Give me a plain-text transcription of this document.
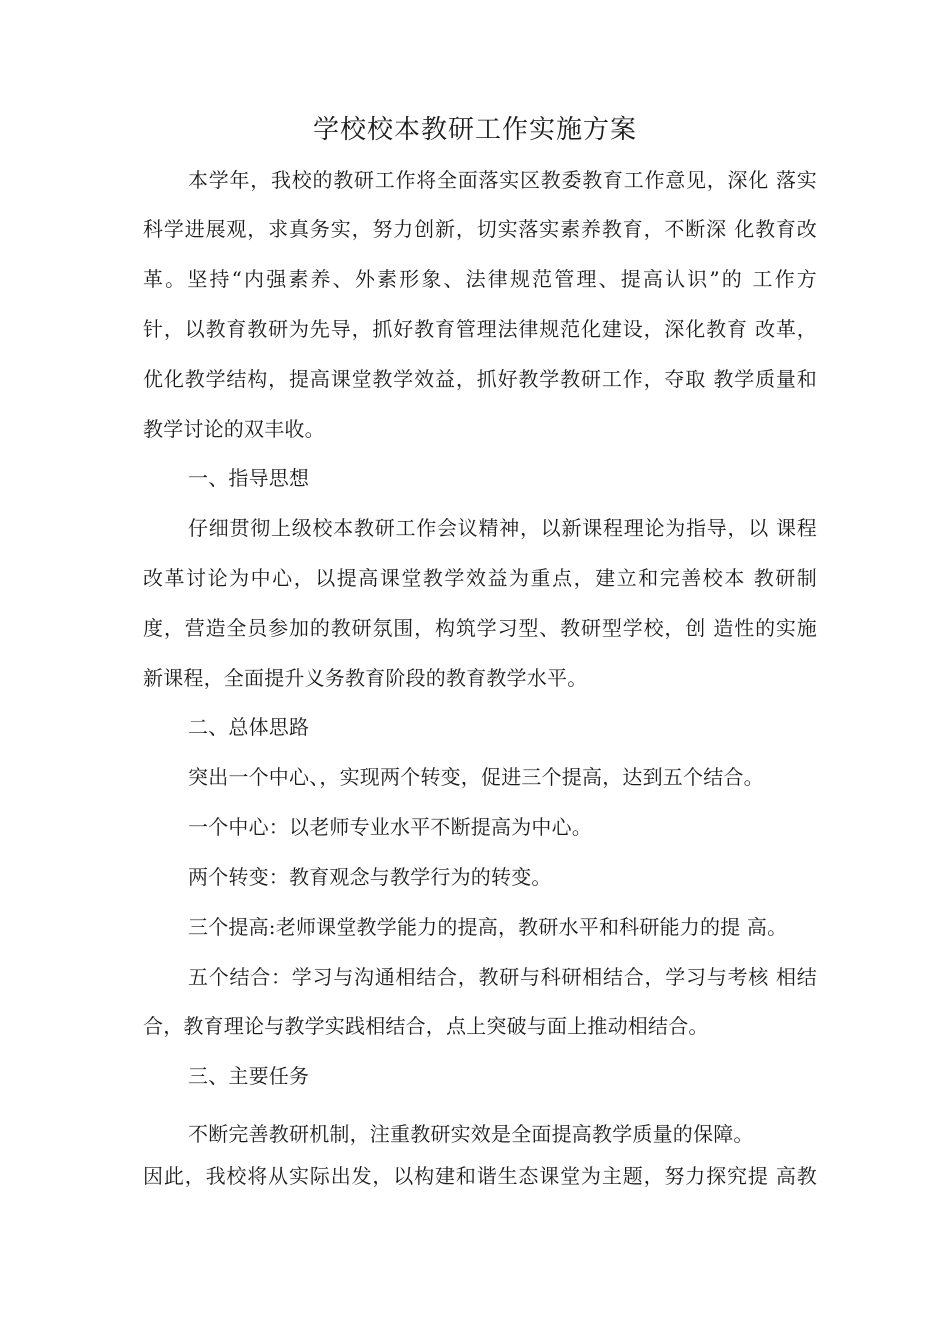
学校校本教研工作实施方案
本学年，我校的教研工作将全面落实区教委教育工作意见，深化 落实
科学进展观，求真务实，努力创新，切实落实素养教育，不断深 化教育改
革。坚持“内强素养、外素形象、法律规范管理、提高认识”的 工作方
针，以教育教研为先导，抓好教育管理法律规范化建设，深化教育 改革，
优化教学结构，提高课堂教学效益，抓好教学教研工作，夺取 教学质量和
教学讨论的双丰收。
一、指导思想
仔细贯彻上级校本教研工作会议精神，以新课程理论为指导，以 课程
改革讨论为中心，以提高课堂教学效益为重点，建立和完善校本 教研制
度，营造全员参加的教研氛围，构筑学习型、教研型学校，创 造性的实施
新课程，全面提升义务教育阶段的教育教学水平。
二、总体思路
突出一个中心、，实现两个转变，促进三个提高，达到五个结合。
一个中心：以老师专业水平不断提高为中心。
两个转变：教育观念与教学行为的转变。
三个提高:老师课堂教学能力的提高，教研水平和科研能力的提 高。
五个结合：学习与沟通相结合，教研与科研相结合，学习与考核 相结
合，教育理论与教学实践相结合，点上突破与面上推动相结合。
三、主要任务
不断完善教研机制，注重教研实效是全面提高教学质量的保障。
因此，我校将从实际出发，以构建和谐生态课堂为主题，努力探究提 高教
